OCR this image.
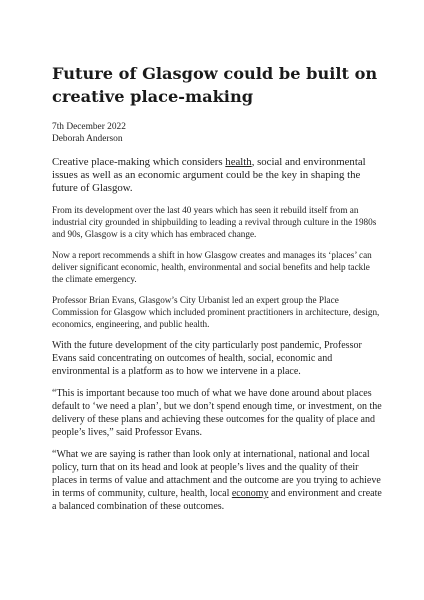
Future of Glasgow could be built on creative place-making
7th December 2022
Deborah Anderson

Creative place-making which considers health, social and environmental issues as well as an economic argument could be the key in shaping the future of Glasgow.

From its development over the last 40 years which has seen it rebuild itself from an industrial city grounded in shipbuilding to leading a revival through culture in the 1980s and 90s, Glasgow is a city which has embraced change.

Now a report recommends a shift in how Glasgow creates and manages its ‘places’ can deliver significant economic, health, environmental and social benefits and help tackle the climate emergency.

Professor Brian Evans, Glasgow’s City Urbanist led an expert group the Place Commission for Glasgow which included prominent practitioners in architecture, design, economics, engineering, and public health.

With the future development of the city particularly post pandemic, Professor Evans said concentrating on outcomes of health, social, economic and environmental is a platform as to how we intervene in a place.

“This is important because too much of what we have done around about places default to ‘we need a plan’, but we don’t spend enough time, or investment, on the delivery of these plans and achieving these outcomes for the quality of place and people’s lives,” said Professor Evans.

“What we are saying is rather than look only at international, national and local policy, turn that on its head and look at people’s lives and the quality of their places in terms of value and attachment and the outcome are you trying to achieve in terms of community, culture, health, local economy and environment and create a balanced combination of these outcomes.
